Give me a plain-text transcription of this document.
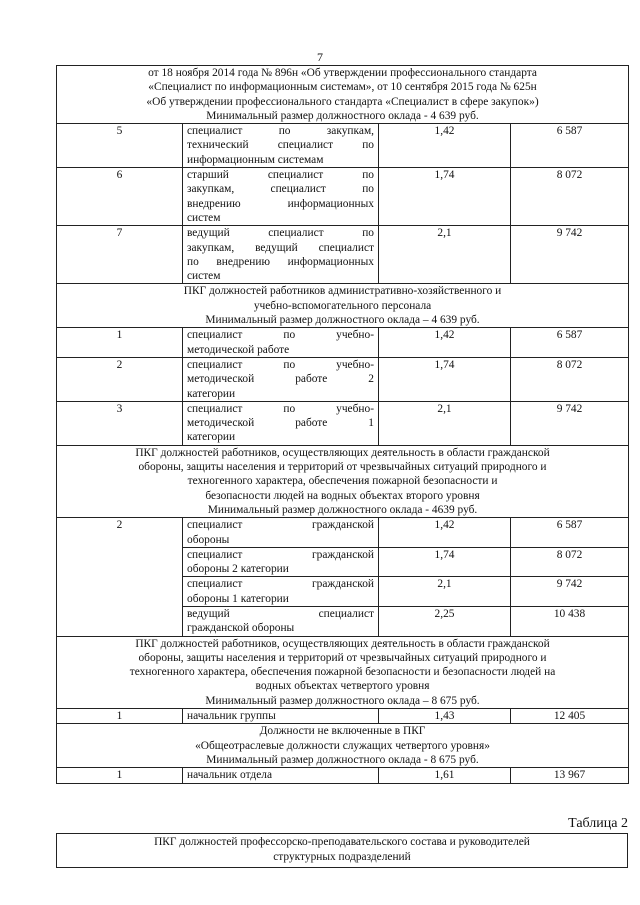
7
от 18 ноября 2014 года № 896н «Об утверждении профессионального стандарта
«Специалист по информационным системам», от 10 сентября 2015 года № 625н
«Об утверждении профессионального стандарта «Специалист в сфере закупок»)
Минимальный размер должностного оклада - 4 639 руб.			

5	специалист по закупкам,
технический специалист по
информационным системам	1,42	6 587
6	старший специалист по
закупкам, специалист по
внедрению информационных
систем	1,74	8 072
7	ведущий специалист по
закупкам, ведущий специалист
по внедрению информационных
систем	2,1	9 742

ПКГ должностей работников административно-хозяйственного и
учебно-вспомогательного персонала
Минимальный размер должностного оклада – 4 639 руб.			

1	специалист по учебно-
методической работе	1,42	6 587
2	специалист по учебно-
методической работе 2
категории	1,74	8 072
3	специалист по учебно-
методической работе 1
категории	2,1	9 742

ПКГ должностей работников, осуществляющих деятельность в области гражданской
обороны, защиты населения и территорий от чрезвычайных ситуаций природного и
техногенного характера, обеспечения пожарной безопасности и
безопасности людей на водных объектах второго уровня
Минимальный размер должностного оклада - 4639 руб.			

2	специалист гражданской
обороны	1,42	6 587

	специалист гражданской
обороны 2 категории	1,74	8 072

	специалист гражданской
обороны 1 категории	2,1	9 742

	ведущий специалист
гражданской обороны	2,25	10 438

ПКГ должностей работников, осуществляющих деятельность в области гражданской
обороны, защиты населения и территорий от чрезвычайных ситуаций природного и
техногенного характера, обеспечения пожарной безопасности и безопасности людей на
водных объектах четвертого уровня
Минимальный размер должностного оклада – 8 675 руб.			

1	начальник группы	1,43	12 405

Должности не включенные в ПКГ
«Общеотраслевые должности служащих четвертого уровня»
Минимальный размер должностного оклада - 8 675 руб.			

1	начальник отдела	1,61	13 967
Таблица 2
ПКГ должностей профессорско-преподавательского состава и руководителей
структурных подразделений
